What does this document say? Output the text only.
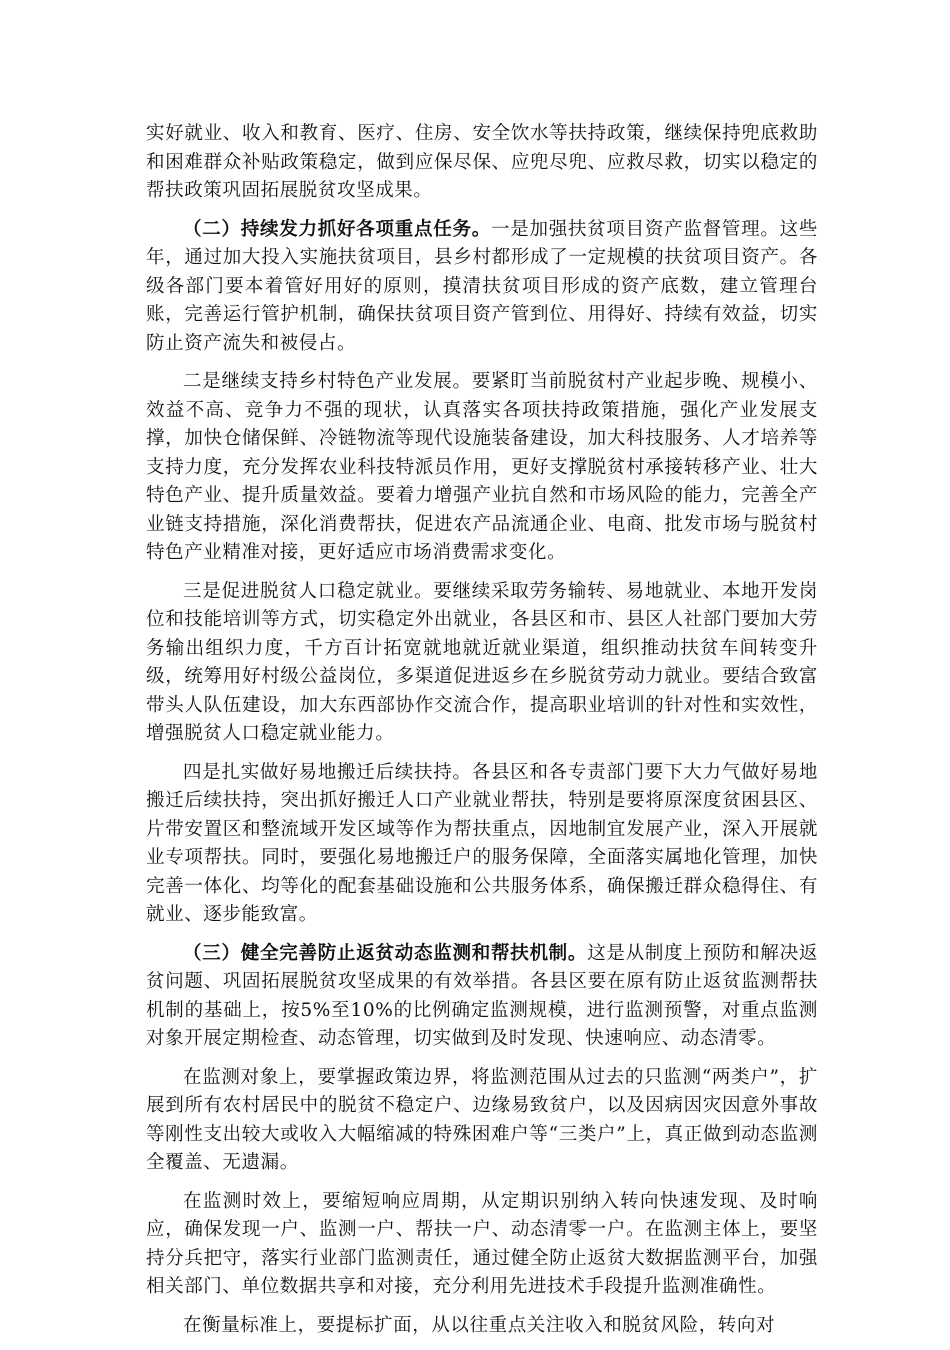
实好就业、收入和教育、医疗、住房、安全饮水等扶持政策，继续保持兜底救助和困难群众补贴政策稳定，做到应保尽保、应兜尽兜、应救尽救，切实以稳定的帮扶政策巩固拓展脱贫攻坚成果。

（二）持续发力抓好各项重点任务。一是加强扶贫项目资产监督管理。这些年，通过加大投入实施扶贫项目，县乡村都形成了一定规模的扶贫项目资产。各级各部门要本着管好用好的原则，摸清扶贫项目形成的资产底数，建立管理台账，完善运行管护机制，确保扶贫项目资产管到位、用得好、持续有效益，切实防止资产流失和被侵占。

二是继续支持乡村特色产业发展。要紧盯当前脱贫村产业起步晚、规模小、效益不高、竞争力不强的现状，认真落实各项扶持政策措施，强化产业发展支撑，加快仓储保鲜、冷链物流等现代设施装备建设，加大科技服务、人才培养等支持力度，充分发挥农业科技特派员作用，更好支撑脱贫村承接转移产业、壮大特色产业、提升质量效益。要着力增强产业抗自然和市场风险的能力，完善全产业链支持措施，深化消费帮扶，促进农产品流通企业、电商、批发市场与脱贫村特色产业精准对接，更好适应市场消费需求变化。

三是促进脱贫人口稳定就业。要继续采取劳务输转、易地就业、本地开发岗位和技能培训等方式，切实稳定外出就业，各县区和市、县区人社部门要加大劳务输出组织力度，千方百计拓宽就地就近就业渠道，组织推动扶贫车间转变升级，统筹用好村级公益岗位，多渠道促进返乡在乡脱贫劳动力就业。要结合致富带头人队伍建设，加大东西部协作交流合作，提高职业培训的针对性和实效性，增强脱贫人口稳定就业能力。

四是扎实做好易地搬迁后续扶持。各县区和各专责部门要下大力气做好易地搬迁后续扶持，突出抓好搬迁人口产业就业帮扶，特别是要将原深度贫困县区、片带安置区和整流域开发区域等作为帮扶重点，因地制宜发展产业，深入开展就业专项帮扶。同时，要强化易地搬迁户的服务保障，全面落实属地化管理，加快完善一体化、均等化的配套基础设施和公共服务体系，确保搬迁群众稳得住、有就业、逐步能致富。

（三）健全完善防止返贫动态监测和帮扶机制。这是从制度上预防和解决返贫问题、巩固拓展脱贫攻坚成果的有效举措。各县区要在原有防止返贫监测帮扶机制的基础上，按5%至10%的比例确定监测规模，进行监测预警，对重点监测对象开展定期检查、动态管理，切实做到及时发现、快速响应、动态清零。

在监测对象上，要掌握政策边界，将监测范围从过去的只监测“两类户”，扩展到所有农村居民中的脱贫不稳定户、边缘易致贫户，以及因病因灾因意外事故等刚性支出较大或收入大幅缩减的特殊困难户等“三类户”上，真正做到动态监测全覆盖、无遗漏。

在监测时效上，要缩短响应周期，从定期识别纳入转向快速发现、及时响应，确保发现一户、监测一户、帮扶一户、动态清零一户。在监测主体上，要坚持分兵把守，落实行业部门监测责任，通过健全防止返贫大数据监测平台，加强相关部门、单位数据共享和对接，充分利用先进技术手段提升监测准确性。

在衡量标准上，要提标扩面，从以往重点关注收入和脱贫风险，转向对
